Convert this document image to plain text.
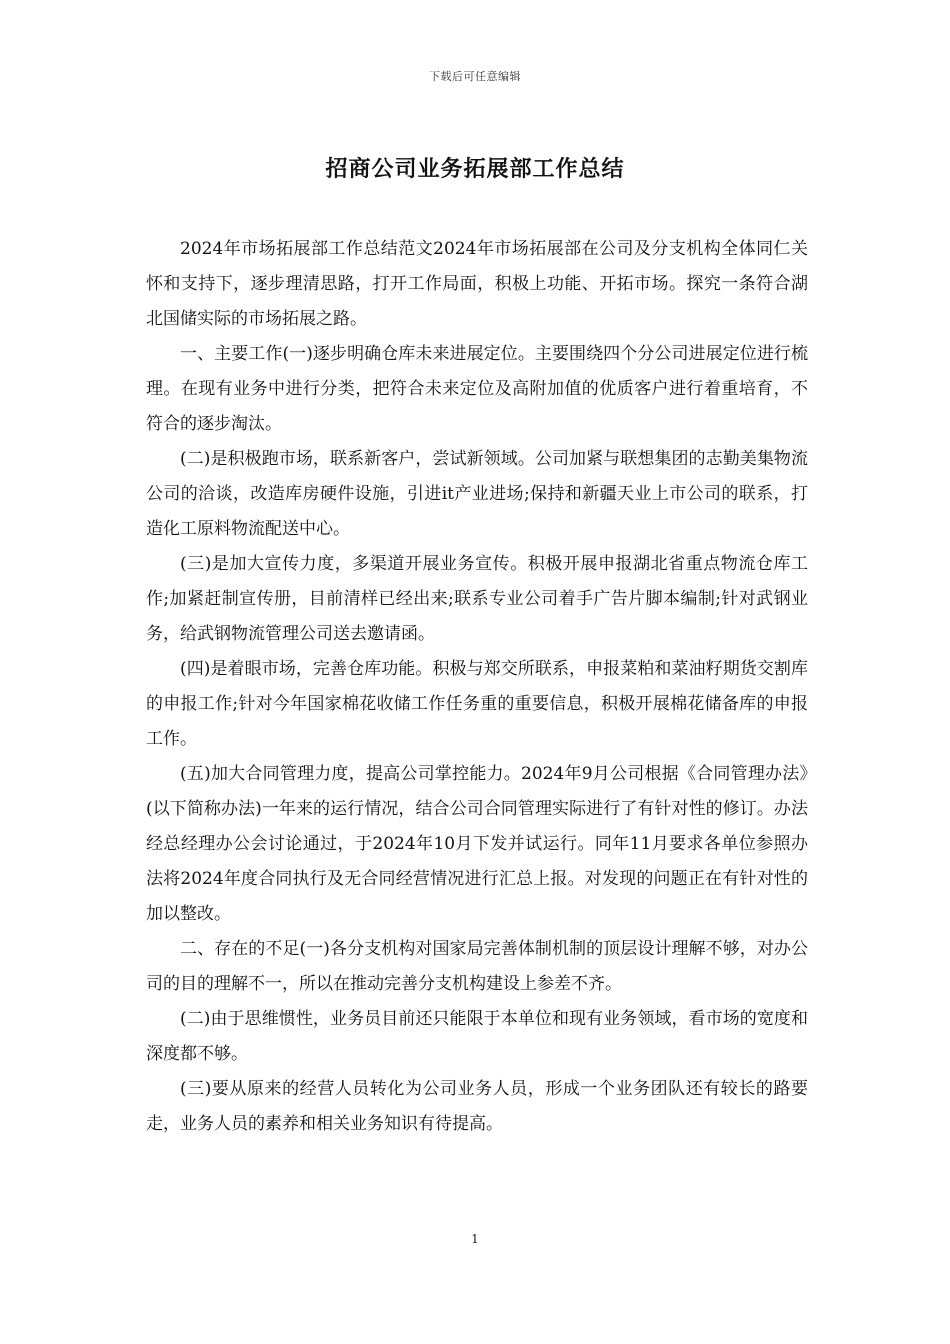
下载后可任意编辑
招商公司业务拓展部工作总结

2024年市场拓展部工作总结范文2024年市场拓展部在公司及分支机构全体同仁关怀和支持下，逐步理清思路，打开工作局面，积极上功能、开拓市场。探究一条符合湖北国储实际的市场拓展之路。

一、主要工作(一)逐步明确仓库未来进展定位。主要围绕四个分公司进展定位进行梳理。在现有业务中进行分类，把符合未来定位及高附加值的优质客户进行着重培育，不符合的逐步淘汰。

(二)是积极跑市场，联系新客户，尝试新领域。公司加紧与联想集团的志勤美集物流公司的洽谈，改造库房硬件设施，引进it产业进场;保持和新疆天业上市公司的联系，打造化工原料物流配送中心。

(三)是加大宣传力度，多渠道开展业务宣传。积极开展申报湖北省重点物流仓库工作;加紧赶制宣传册，目前清样已经出来;联系专业公司着手广告片脚本编制;针对武钢业务，给武钢物流管理公司送去邀请函。

(四)是着眼市场，完善仓库功能。积极与郑交所联系，申报菜粕和菜油籽期货交割库的申报工作;针对今年国家棉花收储工作任务重的重要信息，积极开展棉花储备库的申报工作。

(五)加大合同管理力度，提高公司掌控能力。2024年9月公司根据《合同管理办法》(以下简称办法)一年来的运行情况，结合公司合同管理实际进行了有针对性的修订。办法经总经理办公会讨论通过，于2024年10月下发并试运行。同年11月要求各单位参照办法将2024年度合同执行及无合同经营情况进行汇总上报。对发现的问题正在有针对性的加以整改。

二、存在的不足(一)各分支机构对国家局完善体制机制的顶层设计理解不够，对办公司的目的理解不一，所以在推动完善分支机构建设上参差不齐。

(二)由于思维惯性，业务员目前还只能限于本单位和现有业务领域，看市场的宽度和深度都不够。

(三)要从原来的经营人员转化为公司业务人员，形成一个业务团队还有较长的路要走，业务人员的素养和相关业务知识有待提高。

1
